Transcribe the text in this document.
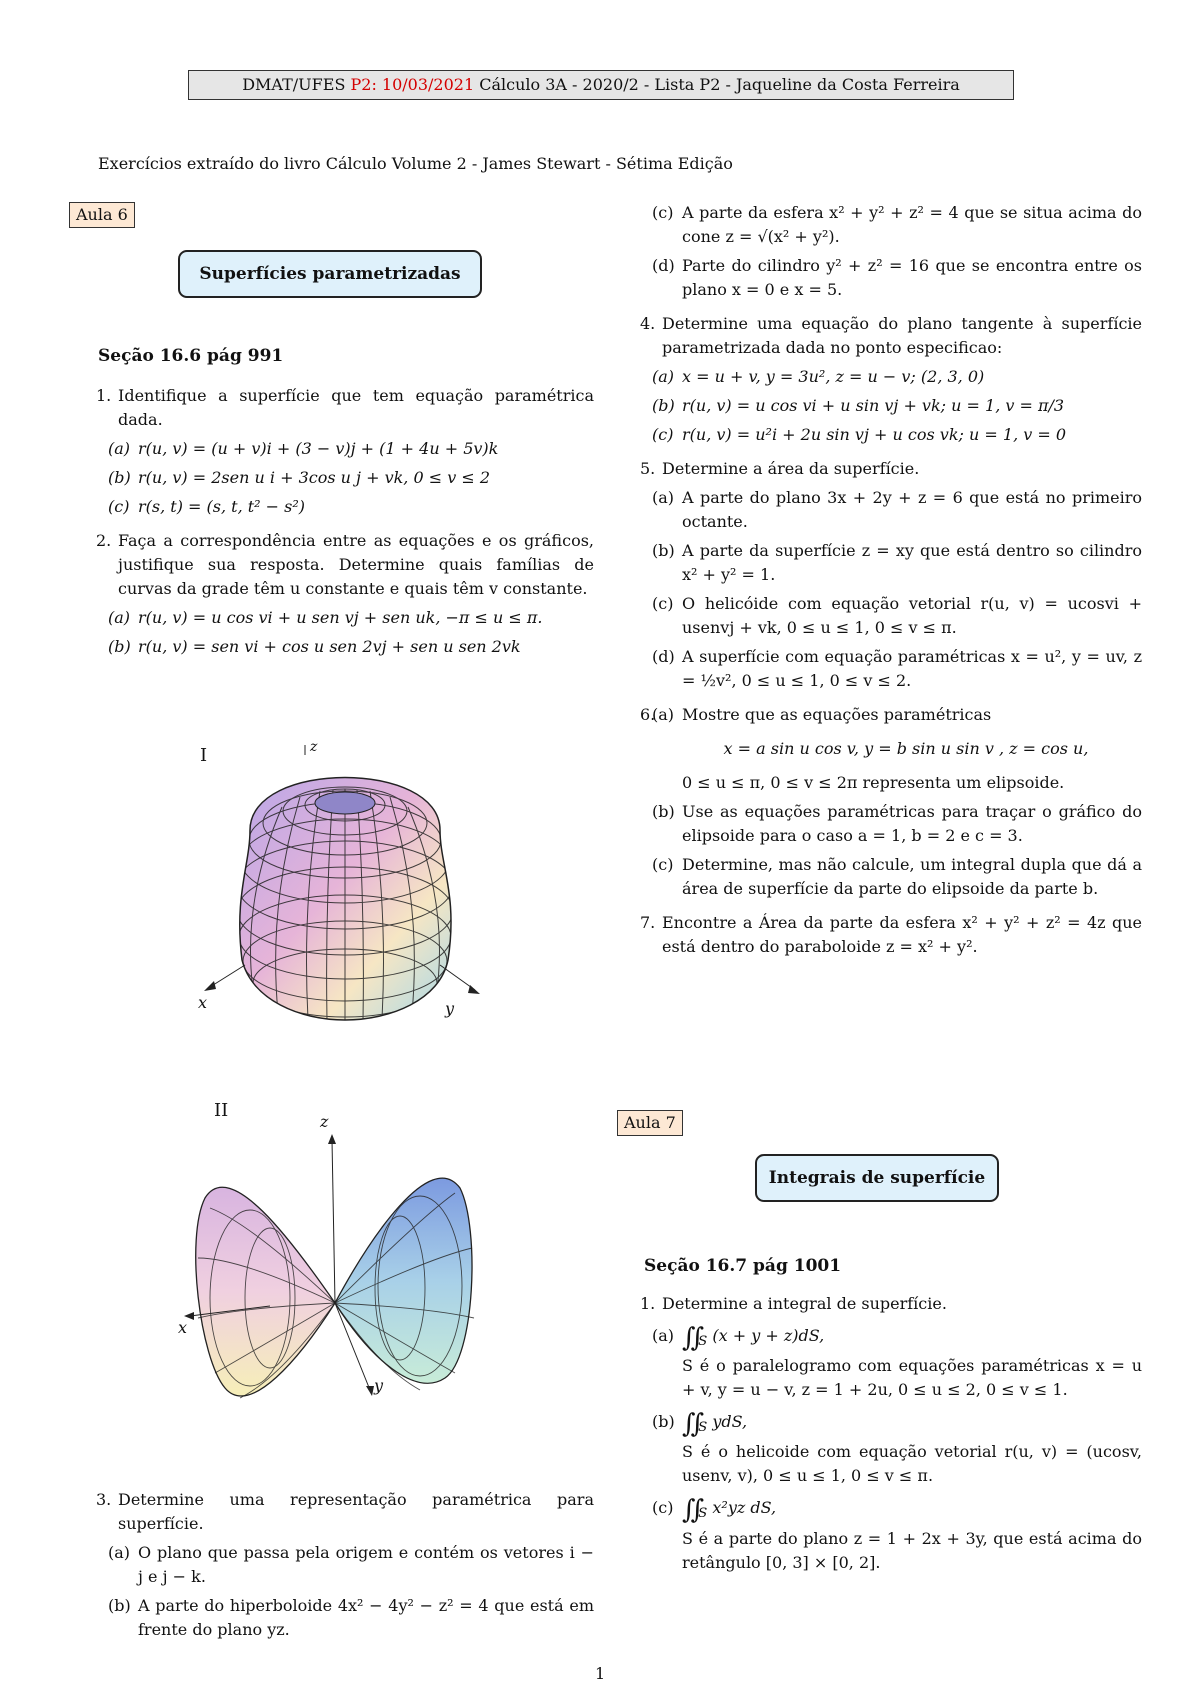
DMAT/UFES P2: 10/03/2021 Cálculo 3A - 2020/2 - Lista P2 - Jaqueline da Costa Ferreira
Exercícios extraído do livro Cálculo Volume 2 - James Stewart - Sétima Edição
Aula 6
Superfícies parametrizadas
Seção 16.6 pág 991
1. Identifique a superfície que tem equação paramétrica dada.
(a) r(u, v) = (u + v)i + (3 − v)j + (1 + 4u + 5v)k
(b) r(u, v) = 2sen u i + 3cos u j + vk, 0 ≤ v ≤ 2
(c) r(s, t) = (s, t, t² − s²)
2. Faça a correspondência entre as equações e os gráficos, justifique sua resposta. Determine quais famílias de curvas da grade têm u constante e quais têm v constante.
(a) r(u, v) = u cos vi + u sen vj + sen uk, −π ≤ u ≤ π.
(b) r(u, v) = sen vi + cos u sen 2vj + sen u sen 2vk
I	z
x	y
II
z
x
y
3. Determine uma representação paramétrica para superfície.
(a) O plano que passa pela origem e contém os vetores i − j e j − k.
(b) A parte do hiperboloide 4x² − 4y² − z² = 4 que está em frente do plano yz.
(c) A parte da esfera x² + y² + z² = 4 que se situa acima do cone z = √(x² + y²).
(d) Parte do cilindro y² + z² = 16 que se encontra entre os plano x = 0 e x = 5.
4. Determine uma equação do plano tangente à superfície parametrizada dada no ponto especificao:
(a) x = u + v, y = 3u², z = u − v; (2, 3, 0)
(b) r(u, v) = u cos vi + u sin vj + vk; u = 1, v = π/3
(c) r(u, v) = u²i + 2u sin vj + u cos vk; u = 1, v = 0
5. Determine a área da superfície.
(a) A parte do plano 3x + 2y + z = 6 que está no primeiro octante.
(b) A parte da superfície z = xy que está dentro so cilindro x² + y² = 1.
(c) O helicóide com equação vetorial r(u, v) = ucosvi + usenvj + vk, 0 ≤ u ≤ 1, 0 ≤ v ≤ π.
(d) A superfície com equação paramétricas x = u², y = uv, z = ½v², 0 ≤ u ≤ 1, 0 ≤ v ≤ 2.
6.
(a) Mostre que as equações paramétricas
x = a sin u cos v, y = b sin u sin v , z = cos u,
0 ≤ u ≤ π, 0 ≤ v ≤ 2π representa um elipsoide.
(b) Use as equações paramétricas para traçar o gráfico do elipsoide para o caso a = 1, b = 2 e c = 3.
(c) Determine, mas não calcule, um integral dupla que dá a área de superfície da parte do elipsoide da parte b.
7. Encontre a Área da parte da esfera x² + y² + z² = 4z que está dentro do paraboloide z = x² + y².
Aula 7
Integrais de superfície
Seção 16.7 pág 1001
1. Determine a integral de superfície.
(a) $∬_S$ (x + y + z)dS,
S é o paralelogramo com equações paramétricas x = u + v, y = u − v, z = 1 + 2u, 0 ≤ u ≤ 2, 0 ≤ v ≤ 1.
(b) $∬_S$ ydS,
S é o helicoide com equação vetorial r(u, v) = (ucosv, usenv, v), 0 ≤ u ≤ 1, 0 ≤ v ≤ π.
(c) $∬_S$ x²yz dS,
S é a parte do plano z = 1 + 2x + 3y, que está acima do retângulo [0, 3] × [0, 2].
1
